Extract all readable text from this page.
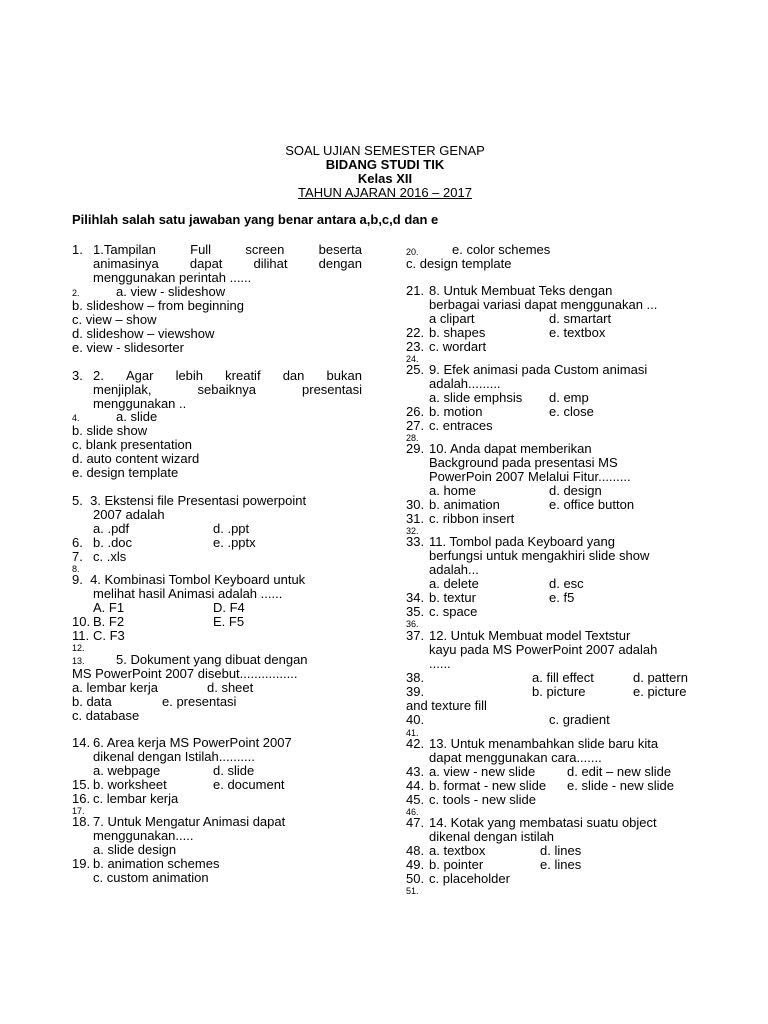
SOAL UJIAN SEMESTER GENAP
BIDANG STUDI TIK
Kelas XII
TAHUN AJARAN 2016 – 2017
Pilihlah salah satu jawaban yang benar antara a,b,c,d dan e
1. 1.Tampilan	Full	screen	beserta
animasinya dapat dilihat dengan
menggunakan perintah ......
2.	a. view - slideshow
b. slideshow – from beginning
c. view – show
d. slideshow – viewshow
e. view - slidesorter
3. 2. Agar lebih kreatif dan bukan
menjiplak,	sebaiknya	presentasi
menggunakan ..
4.	a. slide
b. slide show
c. blank presentation
d. auto content wizard
e. design template
5.  3. Ekstensi file Presentasi powerpoint
2007 adalah
a. .pdf	d. .ppt
6. b. .doc	e. .pptx
7. c. .xls
8.
9.  4. Kombinasi Tombol Keyboard untuk
melihat hasil Animasi adalah ......
A. F1	D. F4
10. B. F2	E. F5
11. C. F3
12.
13. 5. Dokument yang dibuat dengan
MS PowerPoint 2007 disebut................
a. lembar kerja	d. sheet
b. data	e. presentasi
c. database
14. 6. Area kerja MS PowerPoint 2007
dikenal dengan Istilah..........
a. webpage	d. slide
15. b. worksheet	e. document
16. c. lembar kerja
17.
18. 7. Untuk Mengatur Animasi dapat
menggunakan.....
a. slide design
19. b. animation schemes
c. custom animation
20.	e. color schemes
c. design template
21. 8. Untuk Membuat Teks dengan
berbagai variasi dapat menggunakan ...
a clipart	d. smartart
22. b. shapes	e. textbox
23. c. wordart
24.
25. 9. Efek animasi pada Custom animasi
adalah.........
a. slide emphsis d. emp
26. b. motion	e. close
27. c. entraces
28.
29. 10. Anda dapat memberikan
Background pada presentasi MS
PowerPoin 2007 Melalui Fitur.........
a. home	d. design
30. b. animation	e. office button
31. c. ribbon insert
32.
33. 11. Tombol pada Keyboard yang
berfungsi untuk mengakhiri slide show
adalah...
a. delete	d. esc
34. b. textur	e. f5
35. c. space
36.
37. 12. Untuk Membuat model Textstur
kayu pada MS PowerPoint 2007 adalah
......
38.	a. fill effect	d. pattern
39.	b. picture	e. picture
and texture fill
40.	c. gradient
41.
42. 13. Untuk menambahkan slide baru kita
dapat menggunakan cara.......
43. a. view - new slide d. edit – new slide
44. b. format - new slide e. slide - new slide
45. c. tools - new slide
46.
47. 14. Kotak yang membatasi suatu object
dikenal dengan istilah
48. a. textbox	d. lines
49. b. pointer	e. lines
50. c. placeholder
51.
